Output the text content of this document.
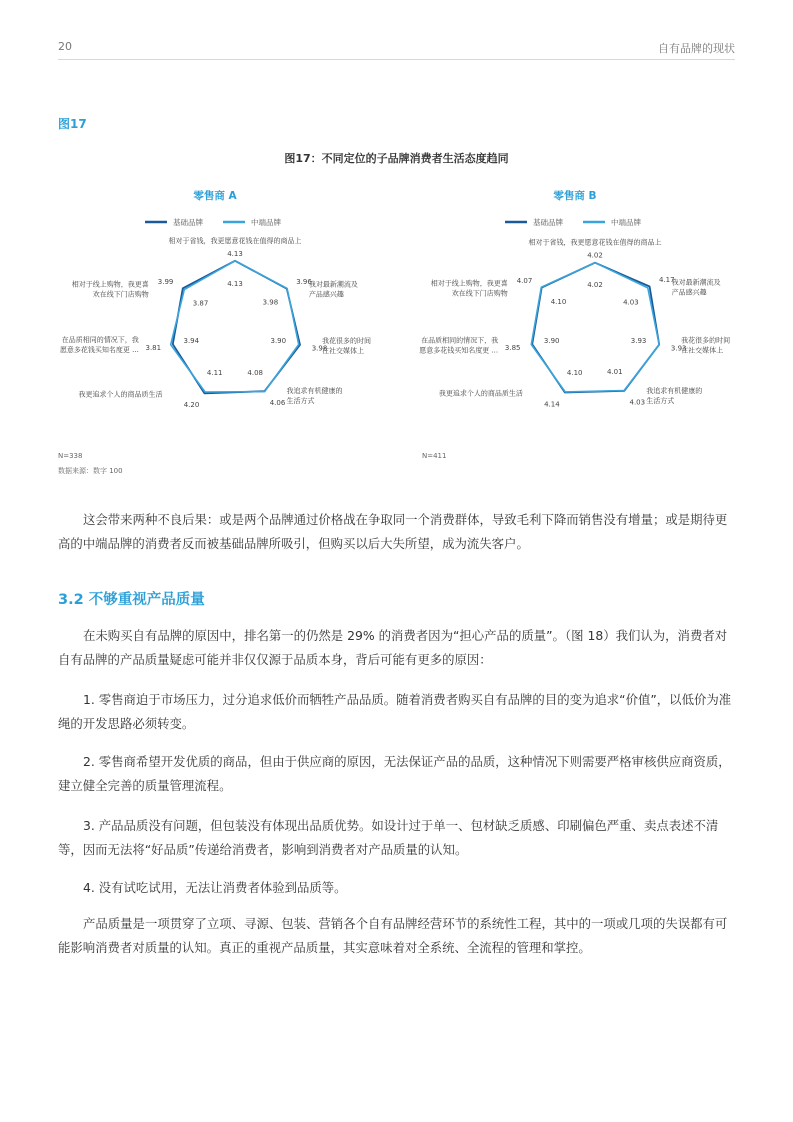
20	自有品牌的现状
图17
图17：不同定位的子品牌消费者生活态度趋同
零售商 A
基础品牌	中端品牌
相对于省钱，我更愿意花钱在值得的商品上
我对最新潮流及产品感兴趣
我花很多的时间在社交媒体上
我追求有机健康的生活方式
我更追求个人的商品质生活
在品质相同的情况下，我愿意多花钱买知名度更 ...
相对于线上购物，我更喜欢在线下门店购物
4.13
3.96
3.98
4.06
4.20
3.81
3.99	4.13
3.98
3.90
4.08
4.11
3.94
3.87
零售商 B
基础品牌	中端品牌
相对于省钱，我更愿意花钱在值得的商品上
我对最新潮流及产品感兴趣
我花很多的时间在社交媒体上
我追求有机健康的生活方式
我更追求个人的商品质生活
在品质相同的情况下，我愿意多花钱买知名度更 ...
相对于线上购物，我更喜欢在线下门店购物
4.02
4.17
3.93
4.03
4.14
3.85
4.07
4.02
4.03
3.93
4.01
4.10
3.90
4.10
N=338	N=411
数据来源：数字 100

这会带来两种不良后果：或是两个品牌通过价格战在争取同一个消费群体，导致毛利下降而销售没有增量；或是期待更高的中端品牌的消费者反而被基础品牌所吸引，但购买以后大失所望，成为流失客户。

3.2 不够重视产品质量

在未购买自有品牌的原因中，排名第一的仍然是 29% 的消费者因为“担心产品的质量”。（图 18）我们认为，消费者对自有品牌的产品质量疑虑可能并非仅仅源于品质本身，背后可能有更多的原因：

1. 零售商迫于市场压力，过分追求低价而牺牲产品品质。随着消费者购买自有品牌的目的变为追求“价值”，以低价为准绳的开发思路必须转变。

2. 零售商希望开发优质的商品，但由于供应商的原因，无法保证产品的品质，这种情况下则需要严格审核供应商资质，建立健全完善的质量管理流程。

3. 产品品质没有问题，但包装没有体现出品质优势。如设计过于单一、包材缺乏质感、印刷偏色严重、卖点表述不清等，因而无法将“好品质”传递给消费者，影响到消费者对产品质量的认知。

4. 没有试吃试用，无法让消费者体验到品质等。

产品质量是一项贯穿了立项、寻源、包装、营销各个自有品牌经营环节的系统性工程，其中的一项或几项的失误都有可能影响消费者对质量的认知。真正的重视产品质量，其实意味着对全系统、全流程的管理和掌控。
